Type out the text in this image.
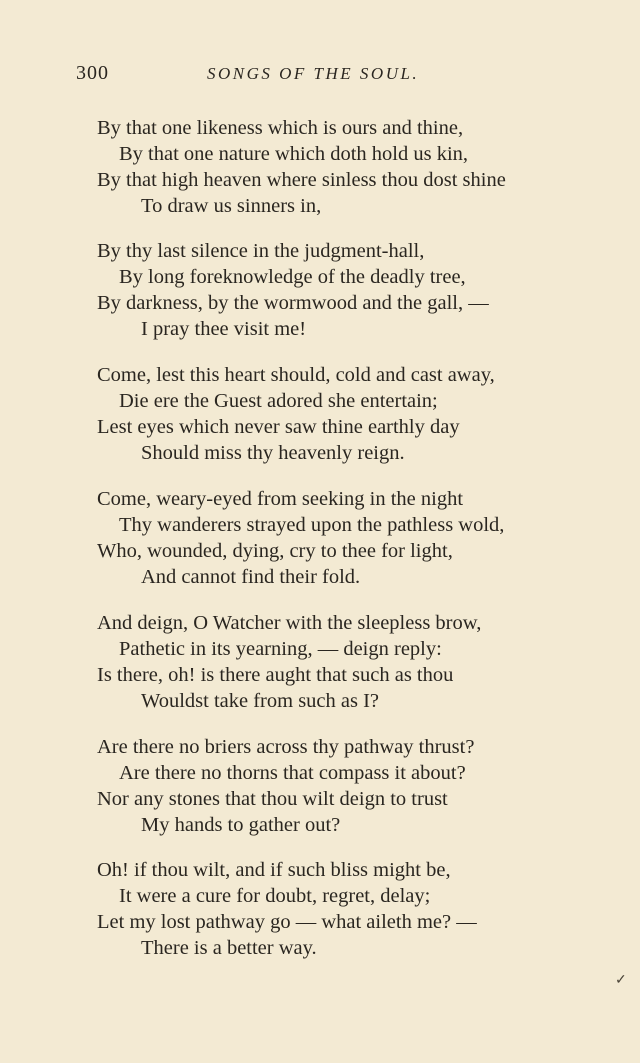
300	SONGS OF THE SOUL.
By that one likeness which is ours and thine,
By that one nature which doth hold us kin,
By that high heaven where sinless thou dost shine
To draw us sinners in,
By thy last silence in the judgment-hall,
By long foreknowledge of the deadly tree,
By darkness, by the wormwood and the gall, —
I pray thee visit me!
Come, lest this heart should, cold and cast away,
Die ere the Guest adored she entertain;
Lest eyes which never saw thine earthly day
Should miss thy heavenly reign.
Come, weary-eyed from seeking in the night
Thy wanderers strayed upon the pathless wold,
Who, wounded, dying, cry to thee for light,
And cannot find their fold.
And deign, O Watcher with the sleepless brow,
Pathetic in its yearning, — deign reply:
Is there, oh! is there aught that such as thou
Wouldst take from such as I?
Are there no briers across thy pathway thrust?
Are there no thorns that compass it about?
Nor any stones that thou wilt deign to trust
My hands to gather out?
Oh! if thou wilt, and if such bliss might be,
It were a cure for doubt, regret, delay;
Let my lost pathway go — what aileth me? —
There is a better way.
✓
